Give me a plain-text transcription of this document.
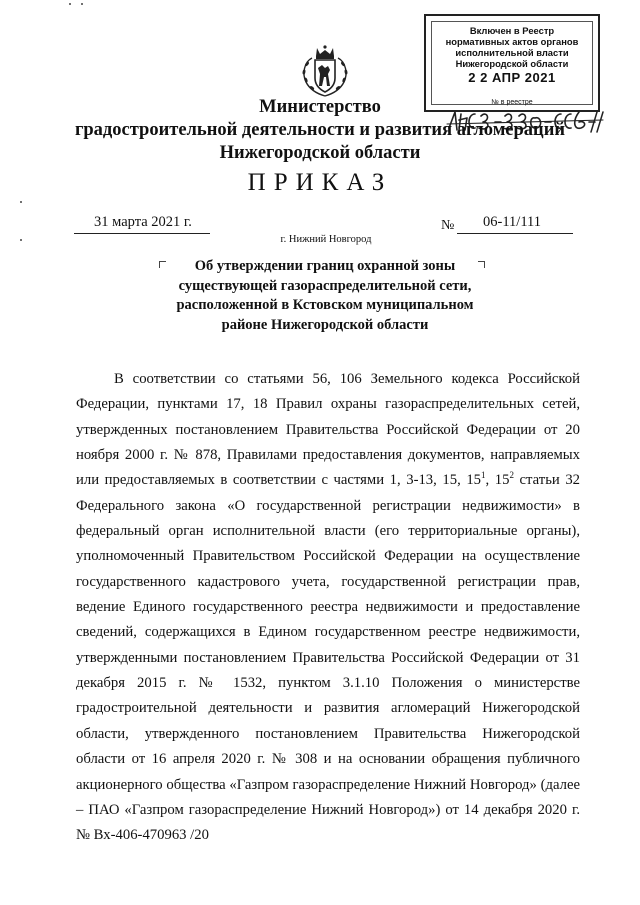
Включен в Реестр
нормативных актов органов
исполнительной власти
Нижегородской области
2 2 АПР 2021
№ в реестре
Министерство
градостроительной деятельности и развития агломераций
Нижегородской области
ПРИКАЗ
31 марта 2021 г.	№ 06-11/111
г. Нижний Новгород
Об утверждении границ охранной зоны
существующей газораспределительной сети,
расположенной в Кстовском муниципальном
районе Нижегородской области
В соответствии со статьями 56, 106 Земельного кодекса Российской Федерации, пунктами 17, 18 Правил охраны газораспределительных сетей, утвержденных постановлением Правительства Российской Федерации от 20 ноября 2000 г. № 878, Правилами предоставления документов, направляемых или предоставляемых в соответствии с частями 1, 3-13, 15, $15^1$, $15^2$ статьи 32 Федерального закона «О государственной регистрации недвижимости» в федеральный орган исполнительной власти (его территориальные органы), уполномоченный Правительством Российской Федерации на осуществление государственного кадастрового учета, государственной регистрации прав, ведение Единого государственного реестра недвижимости и предоставление сведений, содержащихся в Едином государственном реестре недвижимости, утвержденными постановлением Правительства Российской Федерации от 31 декабря 2015 г. № 1532, пунктом 3.1.10 Положения о министерстве градостроительной деятельности и развития агломераций Нижегородской области, утвержденного постановлением Правительства Нижегородской области от 16 апреля 2020 г. № 308 и на основании обращения публичного акционерного общества «Газпром газораспределение Нижний Новгород» (далее – ПАО «Газпром газораспределение Нижний Новгород») от 14 декабря 2020 г. № Вх-406-470963 /20
